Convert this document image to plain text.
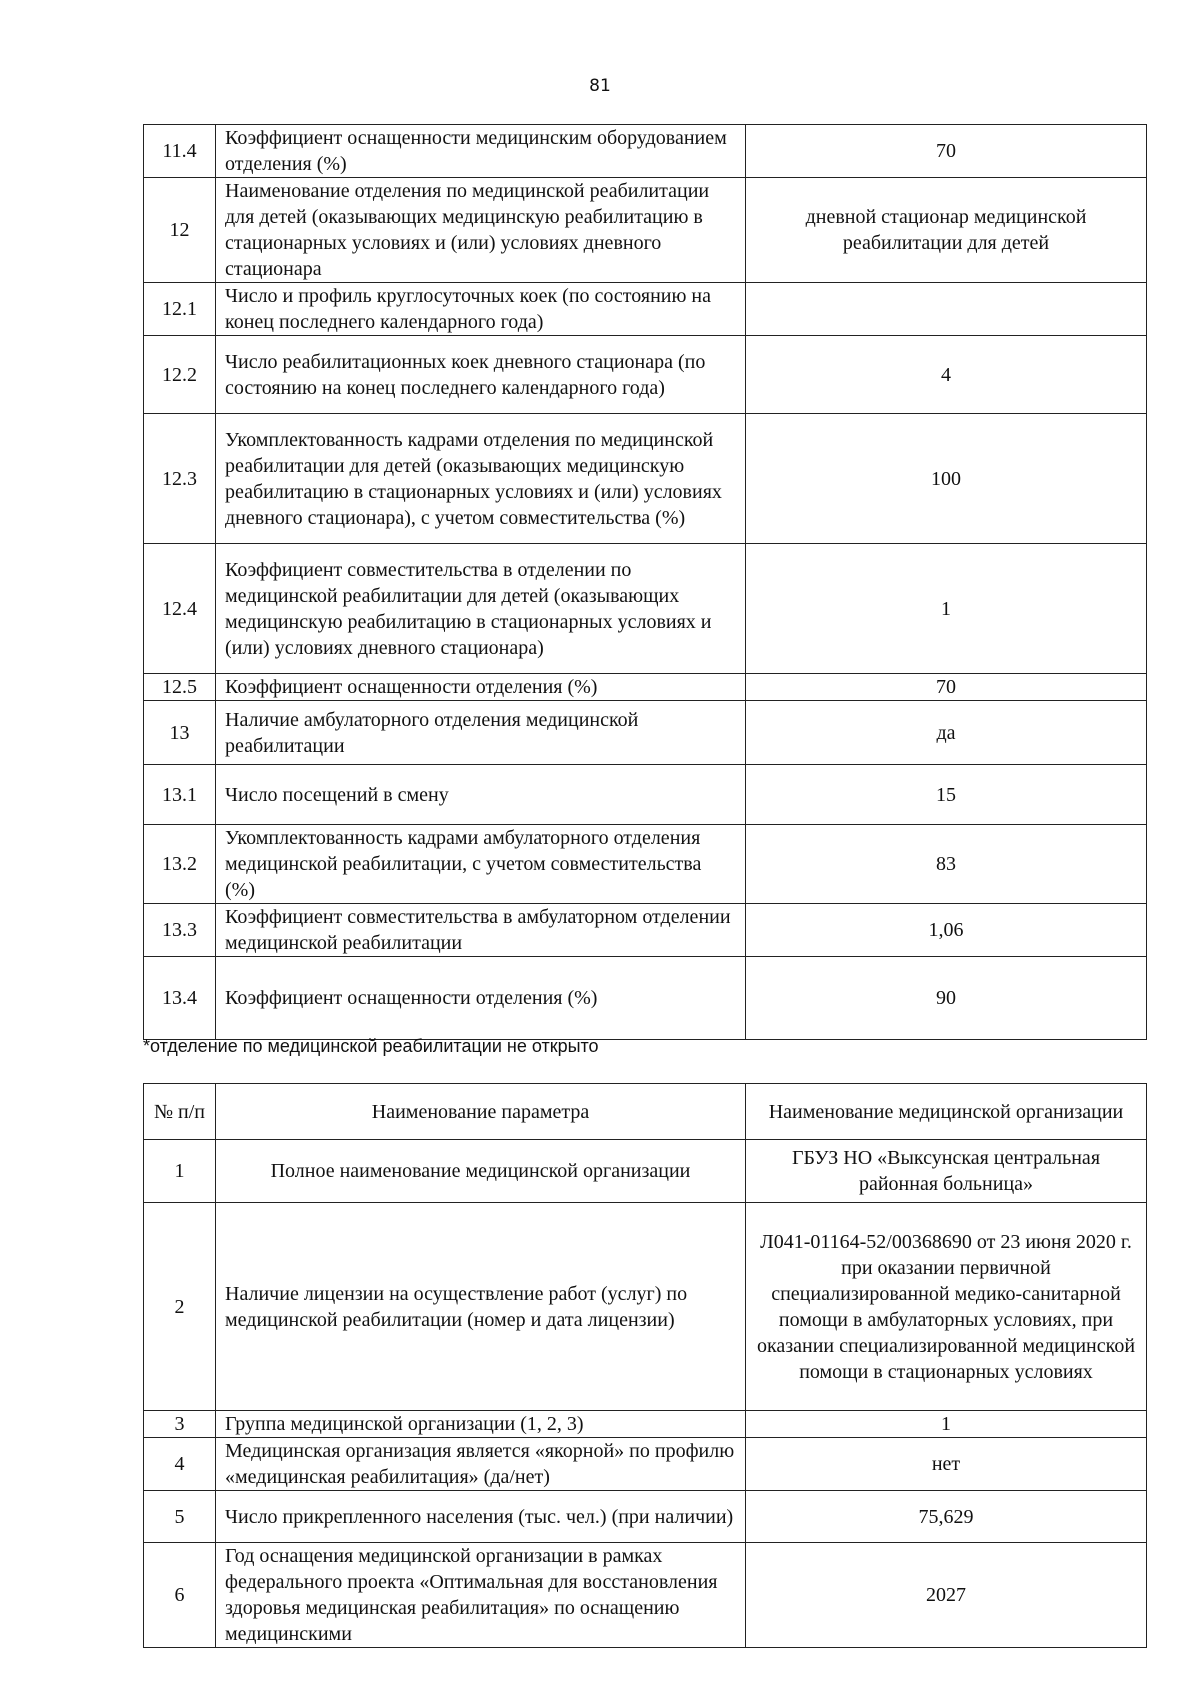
81
11.4	Коэффициент оснащенности медицинским оборудованием отделения (%)	70
12	Наименование отделения по медицинской реабилитации для детей (оказывающих медицинскую реабилитацию в стационарных условиях и (или) условиях дневного стационара	дневной стационар медицинской реабилитации для детей
12.1	Число и профиль круглосуточных коек (по состоянию на конец последнего календарного года)	
12.2	Число реабилитационных коек дневного стационара (по состоянию на конец последнего календарного года)	4
12.3	Укомплектованность кадрами отделения по медицинской реабилитации для детей (оказывающих медицинскую реабилитацию в стационарных условиях и (или) условиях дневного стационара), с учетом совместительства (%)	100
12.4	Коэффициент совместительства в отделении по медицинской реабилитации для детей (оказывающих медицинскую реабилитацию в стационарных условиях и (или) условиях дневного стационара)	1
12.5	Коэффициент оснащенности отделения (%)	70
13	Наличие амбулаторного отделения медицинской реабилитации	да
13.1	Число посещений в смену	15
13.2	Укомплектованность кадрами амбулаторного отделения медицинской реабилитации, с учетом совместительства (%)	83
13.3	Коэффициент совместительства в амбулаторном отделении медицинской реабилитации	1,06
13.4	Коэффициент оснащенности отделения (%)	90
*отделение по медицинской реабилитации не открыто
№ п/п	Наименование параметра	Наименование медицинской организации
1	Полное наименование медицинской организации	ГБУЗ НО «Выксунская центральная районная больница»
2	Наличие лицензии на осуществление работ (услуг) по медицинской реабилитации (номер и дата лицензии)	Л041-01164-52/00368690 от 23 июня 2020 г. при оказании первичной специализированной медико-санитарной помощи в амбулаторных условиях, при оказании специализированной медицинской помощи в стационарных условиях
3	Группа медицинской организации (1, 2, 3)	1
4	Медицинская организация является «якорной» по профилю «медицинская реабилитация» (да/нет)	нет
5	Число прикрепленного населения (тыс. чел.) (при наличии)	75,629
6	Год оснащения медицинской организации в рамках федерального проекта «Оптимальная для восстановления здоровья медицинская реабилитация» по оснащению медицинскими	2027
